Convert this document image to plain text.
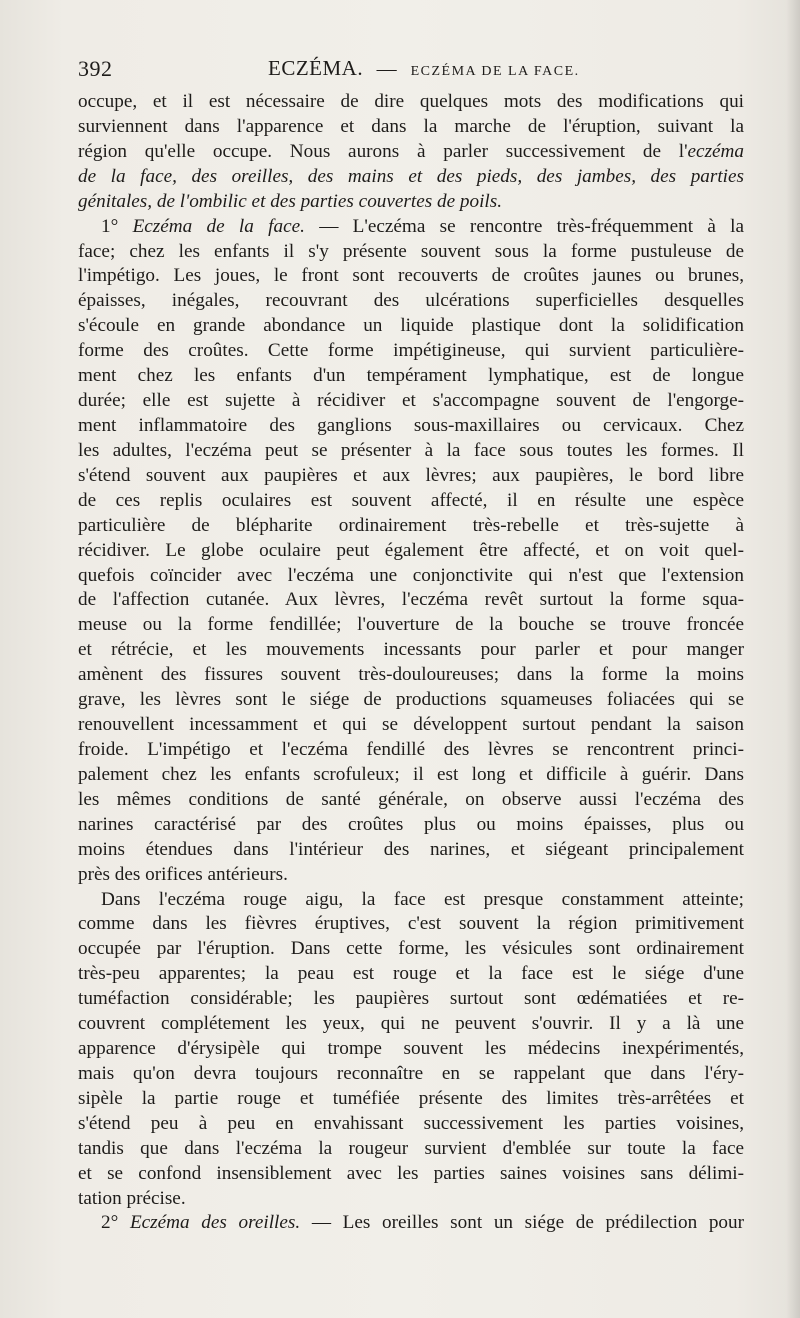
392	ECZÉMA. — ECZÉMA DE LA FACE.
occupe, et il est nécessaire de dire quelques mots des modifications qui
surviennent dans l'apparence et dans la marche de l'éruption, suivant la
région qu'elle occupe. Nous aurons à parler successivement de l'eczéma
de la face, des oreilles, des mains et des pieds, des jambes, des parties
génitales, de l'ombilic et des parties couvertes de poils.
1° Eczéma de la face. — L'eczéma se rencontre très-fréquemment à la
face; chez les enfants il s'y présente souvent sous la forme pustuleuse de
l'impétigo. Les joues, le front sont recouverts de croûtes jaunes ou brunes,
épaisses, inégales, recouvrant des ulcérations superficielles desquelles
s'écoule en grande abondance un liquide plastique dont la solidification
forme des croûtes. Cette forme impétigineuse, qui survient particulière-
ment chez les enfants d'un tempérament lymphatique, est de longue
durée; elle est sujette à récidiver et s'accompagne souvent de l'engorge-
ment inflammatoire des ganglions sous-maxillaires ou cervicaux. Chez
les adultes, l'eczéma peut se présenter à la face sous toutes les formes. Il
s'étend souvent aux paupières et aux lèvres; aux paupières, le bord libre
de ces replis oculaires est souvent affecté, il en résulte une espèce
particulière de blépharite ordinairement très-rebelle et très-sujette à
récidiver. Le globe oculaire peut également être affecté, et on voit quel-
quefois coïncider avec l'eczéma une conjonctivite qui n'est que l'extension
de l'affection cutanée. Aux lèvres, l'eczéma revêt surtout la forme squa-
meuse ou la forme fendillée; l'ouverture de la bouche se trouve froncée
et rétrécie, et les mouvements incessants pour parler et pour manger
amènent des fissures souvent très-douloureuses; dans la forme la moins
grave, les lèvres sont le siége de productions squameuses foliacées qui se
renouvellent incessamment et qui se développent surtout pendant la saison
froide. L'impétigo et l'eczéma fendillé des lèvres se rencontrent princi-
palement chez les enfants scrofuleux; il est long et difficile à guérir. Dans
les mêmes conditions de santé générale, on observe aussi l'eczéma des
narines caractérisé par des croûtes plus ou moins épaisses, plus ou
moins étendues dans l'intérieur des narines, et siégeant principalement
près des orifices antérieurs.
Dans l'eczéma rouge aigu, la face est presque constamment atteinte;
comme dans les fièvres éruptives, c'est souvent la région primitivement
occupée par l'éruption. Dans cette forme, les vésicules sont ordinairement
très-peu apparentes; la peau est rouge et la face est le siége d'une
tuméfaction considérable; les paupières surtout sont œdématiées et re-
couvrent complétement les yeux, qui ne peuvent s'ouvrir. Il y a là une
apparence d'érysipèle qui trompe souvent les médecins inexpérimentés,
mais qu'on devra toujours reconnaître en se rappelant que dans l'éry-
sipèle la partie rouge et tuméfiée présente des limites très-arrêtées et
s'étend peu à peu en envahissant successivement les parties voisines,
tandis que dans l'eczéma la rougeur survient d'emblée sur toute la face
et se confond insensiblement avec les parties saines voisines sans délimi-
tation précise.
2° Eczéma des oreilles. — Les oreilles sont un siége de prédilection pour
